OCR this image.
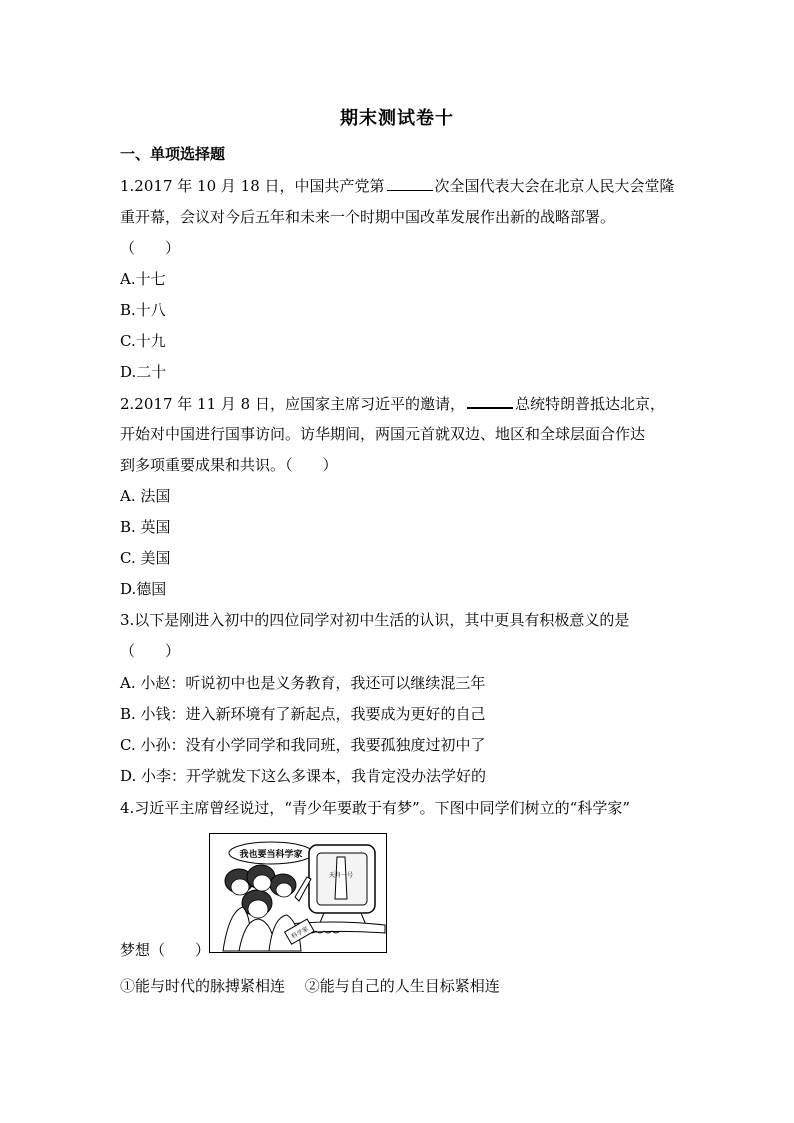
期末测试卷十
一、单项选择题
1.2017 年 10 月 18 日，中国共产党第	次全国代表大会在北京人民大会堂隆
重开幕，会议对今后五年和未来一个时期中国改革发展作出新的战略部署。
（　　）
A.十七
B.十八
C.十九
D.二十
2.2017 年 11 月 8 日，应国家主席习近平的邀请，	总统特朗普抵达北京，
开始对中国进行国事访问。访华期间，两国元首就双边、地区和全球层面合作达
到多项重要成果和共识。（　　）
A. 法国
B. 英国
C. 美国
D.德国
3.以下是刚进入初中的四位同学对初中生活的认识，其中更具有积极意义的是
（　　）
A. 小赵：听说初中也是义务教育，我还可以继续混三年
B. 小钱：进入新环境有了新起点，我要成为更好的自己
C. 小孙：没有小学同学和我同班，我要孤独度过初中了
D. 小李：开学就发下这么多课本，我肯定没办法学好的
4.习近平主席曾经说过，“青少年要敢于有梦”。下图中同学们树立的“科学家”
我也要当科学家
天舟一号
科学家
梦想（　　）
①能与时代的脉搏紧相连　 ②能与自己的人生目标紧相连
